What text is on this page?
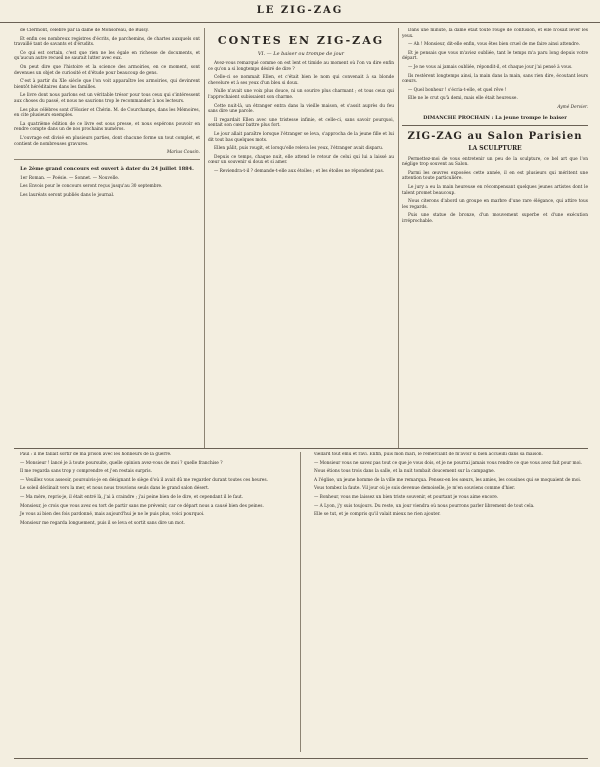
LE ZIG-ZAG

de Clermont, célèbre par la dame de Monsoreau, de Bussy.

Et enfin ces nombreux registres d'écrits, de parchemins, de chartes auxquels ont travaillé tant de savants et d'érudits.

Ce qui est certain, c'est que rien ne les égale en richesse de documents, et qu'aucun autre recueil ne saurait lutter avec eux.

On peut dire que l'histoire et la science des armoiries, en ce moment, sont devenues un objet de curiosité et d'étude pour beaucoup de gens.

C'est à partir du XIe siècle que l'on voit apparaître les armoiries, qui devinrent bientôt héréditaires dans les familles.

Le livre dont nous parlons est un véritable trésor pour tous ceux qui s'intéressent aux choses du passé, et nous ne saurions trop le recommander à nos lecteurs.

Les plus célèbres sont d'Hozier et Chérin. M. de Courchamps, dans les Mémoires, en cite plusieurs exemples.

La quatrième édition de ce livre est sous presse, et nous espérons pouvoir en rendre compte dans un de nos prochains numéros.

L'ouvrage est divisé en plusieurs parties, dont chacune forme un tout complet, et contient de nombreuses gravures.

Marius Cousin.
Le 2ème grand concours est ouvert à dater du 24 juillet 1884.

1er Roman. — Poésie. — Sonnet. — Nouvelle.

Les Envois pour le concours seront reçus jusqu'au 30 septembre.

Les lauréats seront publiés dans le journal.

CONTES EN ZIG-ZAG
VI. — Le baiser ou trompe de jour

Avez-vous remarqué comme on est lent et timide au moment où l'on va dire enfin ce qu'on a si longtemps désiré de dire ?

Celle-ci se nommait Ellen, et c'était bien le nom qui convenait à sa blonde chevelure et à ses yeux d'un bleu si doux.

Nulle n'avait une voix plus douce, ni un sourire plus charmant ; et tous ceux qui l'approchaient subissaient son charme.

Cette nuit-là, un étranger entra dans la vieille maison, et s'assit auprès du feu sans dire une parole.

Il regardait Ellen avec une tristesse infinie, et celle-ci, sans savoir pourquoi, sentait son cœur battre plus fort.

Le jour allait paraître lorsque l'étranger se leva, s'approcha de la jeune fille et lui dit tout bas quelques mots.

Ellen pâlit, puis rougit, et lorsqu'elle releva les yeux, l'étranger avait disparu.

Depuis ce temps, chaque nuit, elle attend le retour de celui qui lui a laissé au cœur un souvenir si doux et si amer.

— Reviendra-t-il ? demande-t-elle aux étoiles ; et les étoiles ne répondent pas.

Dans une minute, la dame était toute rouge de confusion, et elle n'osait lever les yeux.

— Ah ! Monsieur, dit-elle enfin, vous êtes bien cruel de me faire ainsi attendre.

Et je pensais que vous m'aviez oubliée, tant le temps m'a paru long depuis votre départ.

— Je ne vous ai jamais oubliée, répondit-il, et chaque jour j'ai pensé à vous.

Ils restèrent longtemps ainsi, la main dans la main, sans rien dire, écoutant leurs cœurs.

— Quel bonheur ! s'écria-t-elle, et quel rêve !

Elle ne le crut qu'à demi, mais elle était heureuse.

Aymé Dervier.
DIMANCHE PROCHAIN : La jeune trompe le baiser
ZIG-ZAG au Salon Parisien
LA SCULPTURE

Permettez-moi de vous entretenir un peu de la sculpture, ce bel art que l'on néglige trop souvent au Salon.

Parmi les œuvres exposées cette année, il en est plusieurs qui méritent une attention toute particulière.

Le jury a eu la main heureuse en récompensant quelques jeunes artistes dont le talent promet beaucoup.

Nous citerons d'abord un groupe en marbre d'une rare élégance, qui attire tous les regards.

Puis une statue de bronze, d'un mouvement superbe et d'une exécution irréprochable.

Paul : il me fallait sortir de ma prison avec les honneurs de la guerre.

— Monsieur ! lancé je à toute poursuite, quelle opinion avez-vous de moi ? quelle franchise ?

Il me regarda sans trop y comprendre et j'en restais surpris.

— Veuillez vous asseoir, poursuivis-je en désignant le siège d'où il avait dû me regarder durant toutes ces heures.

Le soleil déclinait vers la mer, et nous nous trouvions seuls dans le grand salon désert.

— Ma mère, repris-je, il était entré là, j'ai à craindre ; j'ai peine bien de le dire, et cependant il le faut.

Monsieur, je crois que vous avez eu tort de partir sans me prévenir, car ce départ nous a causé bien des peines.

Je vous ai bien des fois pardonné, mais aujourd'hui je ne le puis plus, voici pourquoi.

Monsieur me regarda longuement, puis il se leva et sortit sans dire un mot.

viellard tout ému et ravi. Enfin, puis mon mari, le remerciant de m'avoir si bien accueilli dans sa maison.

— Monsieur vous ne savez pas tout ce que je vous dois, et je ne pourrai jamais vous rendre ce que vous avez fait pour moi.

Nous étions tous trois dans la salle, et la nuit tombait doucement sur la campagne.

A l'église, un jeune homme de la ville me remarqua. Pensez-en les sœurs, les amies, les cousines qui se moquaient de moi.

Vous tombez la faute. Vil jour où je suis devenue demoiselle, je m'en souviens comme d'hier.

— Bonheur, vous me laissez un bien triste souvenir, et pourtant je vous aime encore.

— A Lyon, j'y suis toujours. Du reste, un jour viendra où nous pourrons parler librement de tout cela.

Elle se tut, et je compris qu'il valait mieux ne rien ajouter.
